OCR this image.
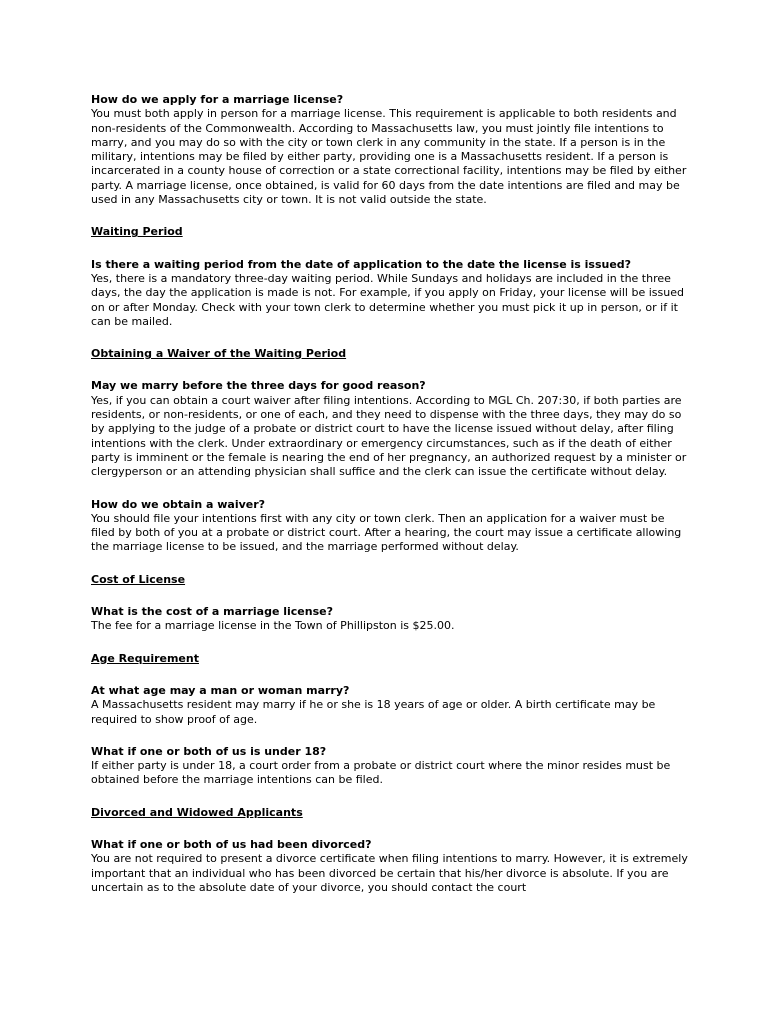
How do we apply for a marriage license?

You must both apply in person for a marriage license. This requirement is applicable to both residents and non-residents of the Commonwealth. According to Massachusetts law, you must jointly file intentions to marry, and you may do so with the city or town clerk in any community in the state. If a person is in the military, intentions may be filed by either party, providing one is a Massachusetts resident. If a person is incarcerated in a county house of correction or a state correctional facility, intentions may be filed by either party. A marriage license, once obtained, is valid for 60 days from the date intentions are filed and may be used in any Massachusetts city or town. It is not valid outside the state.

Waiting Period

Is there a waiting period from the date of application to the date the license is issued?

Yes, there is a mandatory three-day waiting period. While Sundays and holidays are included in the three days, the day the application is made is not. For example, if you apply on Friday, your license will be issued on or after Monday. Check with your town clerk to determine whether you must pick it up in person, or if it can be mailed.

Obtaining a Waiver of the Waiting Period

May we marry before the three days for good reason?

Yes, if you can obtain a court waiver after filing intentions. According to MGL Ch. 207:30, if both parties are residents, or non-residents, or one of each, and they need to dispense with the three days, they may do so by applying to the judge of a probate or district court to have the license issued without delay, after filing intentions with the clerk. Under extraordinary or emergency circumstances, such as if the death of either party is imminent or the female is nearing the end of her pregnancy, an authorized request by a minister or clergyperson or an attending physician shall suffice and the clerk can issue the certificate without delay.

How do we obtain a waiver?

You should file your intentions first with any city or town clerk. Then an application for a waiver must be filed by both of you at a probate or district court. After a hearing, the court may issue a certificate allowing the marriage license to be issued, and the marriage performed without delay.

Cost of License

What is the cost of a marriage license?

The fee for a marriage license in the Town of Phillipston is $25.00.

Age Requirement

At what age may a man or woman marry?

A Massachusetts resident may marry if he or she is 18 years of age or older. A birth certificate may be required to show proof of age.

What if one or both of us is under 18?

If either party is under 18, a court order from a probate or district court where the minor resides must be obtained before the marriage intentions can be filed.

Divorced and Widowed Applicants

What if one or both of us had been divorced?

You are not required to present a divorce certificate when filing intentions to marry. However, it is extremely important that an individual who has been divorced be certain that his/her divorce is absolute. If you are uncertain as to the absolute date of your divorce, you should contact the court
